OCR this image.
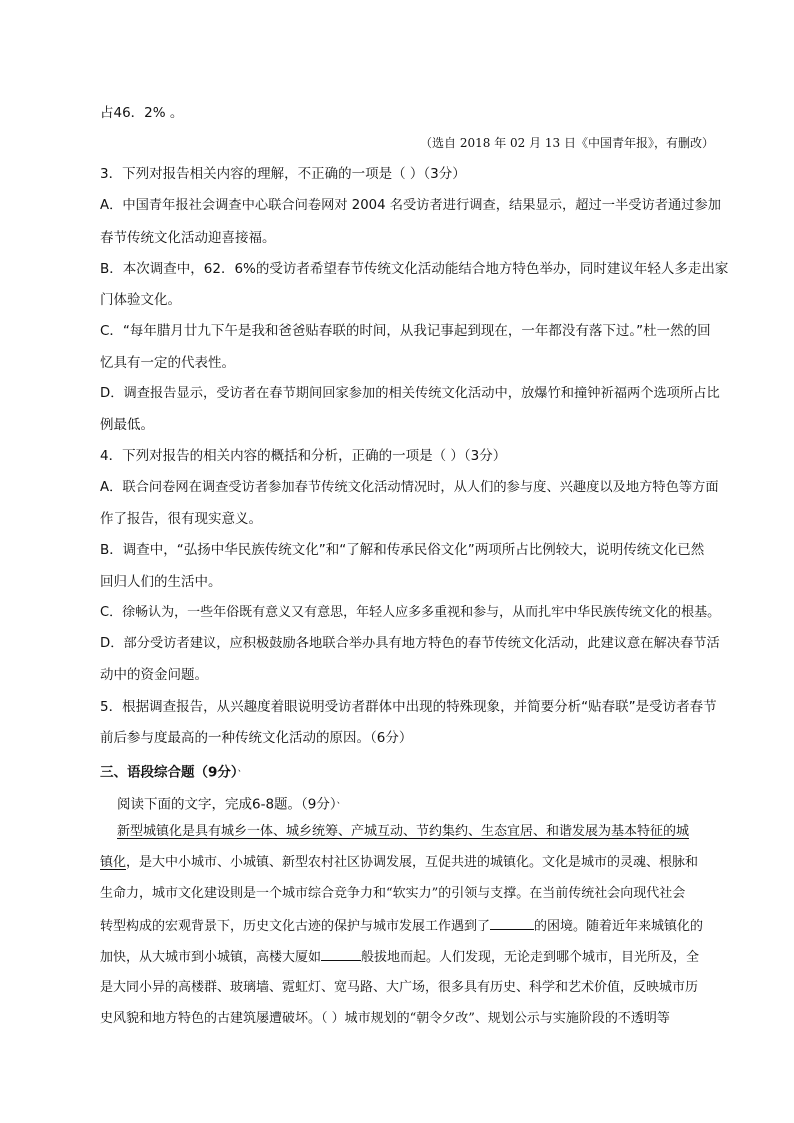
占46．2% 。
（选自 2018 年 02 月 13 日《中国青年报》，有删改）
3．下列对报告相关内容的理解，不正确的一项是（ ）（3分）
A．中国青年报社会调查中心联合问卷网对 2004 名受访者进行调查，结果显示，超过一半受访者通过参加
春节传统文化活动迎喜接福。
B．本次调查中，62．6%的受访者希望春节传统文化活动能结合地方特色举办，同时建议年轻人多走出家
门体验文化。
C．“每年腊月廿九下午是我和爸爸贴春联的时间，从我记事起到现在，一年都没有落下过。”杜一然的回
忆具有一定的代表性。
D．调查报告显示，受访者在春节期间回家参加的相关传统文化活动中，放爆竹和撞钟祈福两个选项所占比
例最低。
4．下列对报告的相关内容的概括和分析，正确的一项是（ ）（3分）
A．联合问卷网在调查受访者参加春节传统文化活动情况时，从人们的参与度、兴趣度以及地方特色等方面
作了报告，很有现实意义。
B．调查中，“弘扬中华民族传统文化”和“了解和传承民俗文化”两项所占比例较大，说明传统文化已然
回归人们的生活中。
C．徐畅认为，一些年俗既有意义又有意思，年轻人应多多重视和参与，从而扎牢中华民族传统文化的根基。
D．部分受访者建议，应积极鼓励各地联合举办具有地方特色的春节传统文化活动，此建议意在解决春节活
动中的资金问题。
5．根据调查报告，从兴趣度着眼说明受访者群体中出现的特殊现象，并简要分析“贴春联”是受访者春节
前后参与度最高的一种传统文化活动的原因。（6分）
三、语段综合题（9分）、
阅读下面的文字，完成6-8题。（9分）、
新型城镇化是具有城乡一体、城乡统筹、产城互动、节约集约、生态宜居、和谐发展为基本特征的城
镇化，是大中小城市、小城镇、新型农村社区协调发展，互促共进的城镇化。文化是城市的灵魂、根脉和
生命力，城市文化建设則是一个城市综合竞争力和“软实力”的引领与支撑。在当前传统社会向现代社会
转型构成的宏观背景下，历史文化古迹的保护与城市发展工作遇到了	的困境。随着近年来城镇化的
加快，从大城市到小城镇，高楼大厦如	般拔地而起。人们发现，无论走到哪个城市，目光所及，全
是大同小异的高楼群、玻璃墙、霓虹灯、宽马路、大广场，很多具有历史、科学和艺术价值，反映城市历
史风貌和地方特色的古建筑屡遭破坏。（ ）城市规划的“朝令夕改”、规划公示与实施阶段的不透明等
